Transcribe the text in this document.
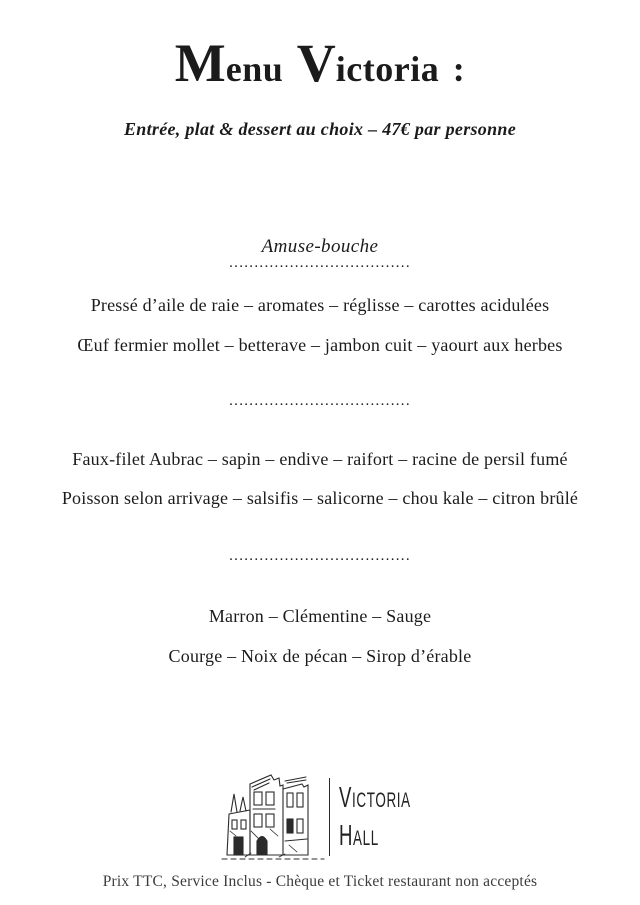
Menu Victoria :

Entrée, plat & dessert au choix – 47€ par personne

Amuse-bouche

....................................

Pressé d’aile de raie – aromates – réglisse – carottes acidulées

Œuf fermier mollet – betterave – jambon cuit – yaourt aux herbes

....................................

Faux-filet Aubrac – sapin – endive – raifort – racine de persil fumé

Poisson selon arrivage – salsifis – salicorne – chou kale – citron brûlé

....................................

Marron – Clémentine – Sauge

Courge – Noix de pécan – Sirop d’érable

VICTORIA
HALL

Prix TTC, Service Inclus - Chèque et Ticket restaurant non acceptés
